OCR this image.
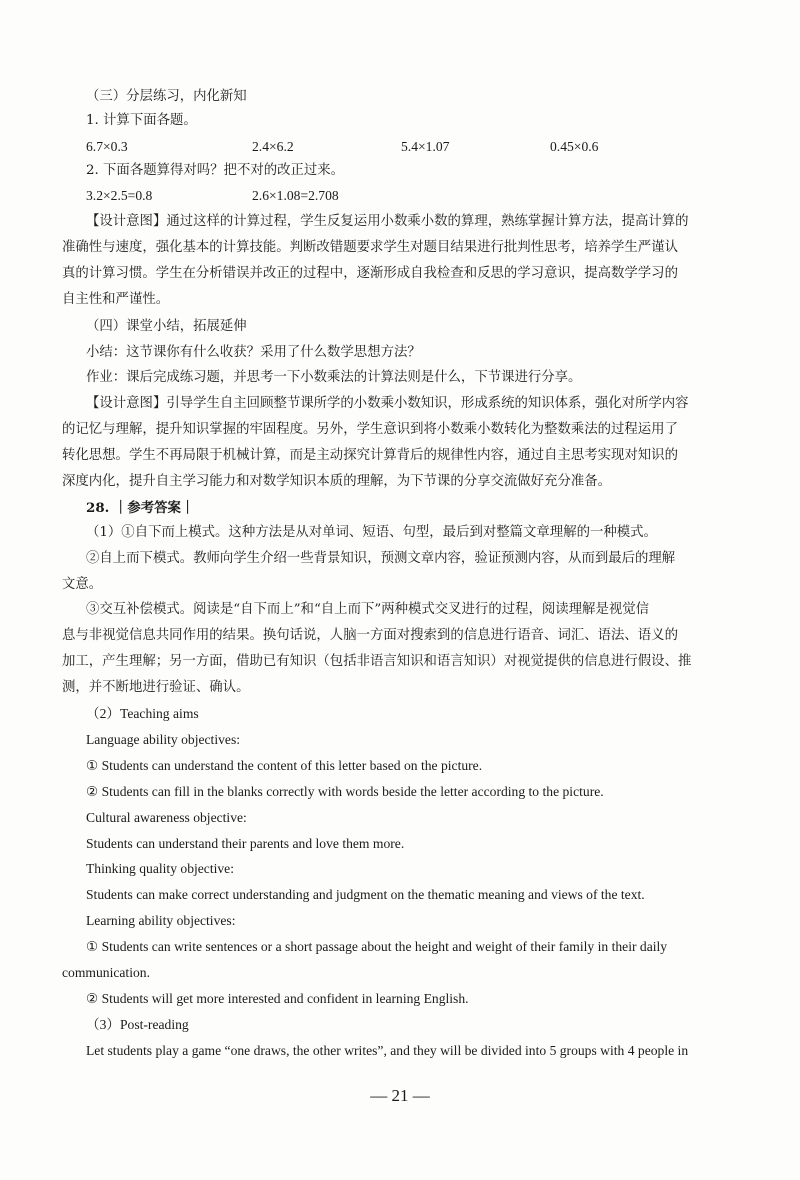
（三）分层练习，内化新知

1. 计算下面各题。

6.7×0.3	2.4×6.2	5.4×1.07	0.45×0.6

2. 下面各题算得对吗？把不对的改正过来。

3.2×2.5=0.8	2.6×1.08=2.708

【设计意图】通过这样的计算过程，学生反复运用小数乘小数的算理，熟练掌握计算方法，提高计算的

准确性与速度，强化基本的计算技能。判断改错题要求学生对题目结果进行批判性思考，培养学生严谨认

真的计算习惯。学生在分析错误并改正的过程中，逐渐形成自我检查和反思的学习意识，提高数学学习的

自主性和严谨性。

（四）课堂小结，拓展延伸

小结：这节课你有什么收获？采用了什么数学思想方法？

作业：课后完成练习题，并思考一下小数乘法的计算法则是什么，下节课进行分享。

【设计意图】引导学生自主回顾整节课所学的小数乘小数知识，形成系统的知识体系，强化对所学内容

的记忆与理解，提升知识掌握的牢固程度。另外，学生意识到将小数乘小数转化为整数乘法的过程运用了

转化思想。学生不再局限于机械计算，而是主动探究计算背后的规律性内容，通过自主思考实现对知识的

深度内化，提升自主学习能力和对数学知识本质的理解，为下节课的分享交流做好充分准备。

28. ｜参考答案｜

（1）①自下而上模式。这种方法是从对单词、短语、句型，最后到对整篇文章理解的一种模式。

②自上而下模式。教师向学生介绍一些背景知识，预测文章内容，验证预测内容，从而到最后的理解

文意。

③交互补偿模式。阅读是“自下而上”和“自上而下”两种模式交叉进行的过程，阅读理解是视觉信

息与非视觉信息共同作用的结果。换句话说，人脑一方面对搜索到的信息进行语音、词汇、语法、语义的

加工，产生理解；另一方面，借助已有知识（包括非语言知识和语言知识）对视觉提供的信息进行假设、推

测，并不断地进行验证、确认。

（2）Teaching aims

Language ability objectives:

① Students can understand the content of this letter based on the picture.

② Students can fill in the blanks correctly with words beside the letter according to the picture.

Cultural awareness objective:

Students can understand their parents and love them more.

Thinking quality objective:

Students can make correct understanding and judgment on the thematic meaning and views of the text.

Learning ability objectives:

① Students can write sentences or a short passage about the height and weight of their family in their daily

communication.

② Students will get more interested and confident in learning English.

（3）Post-reading

Let students play a game “one draws, the other writes”, and they will be divided into 5 groups with 4 people in

— 21 —
